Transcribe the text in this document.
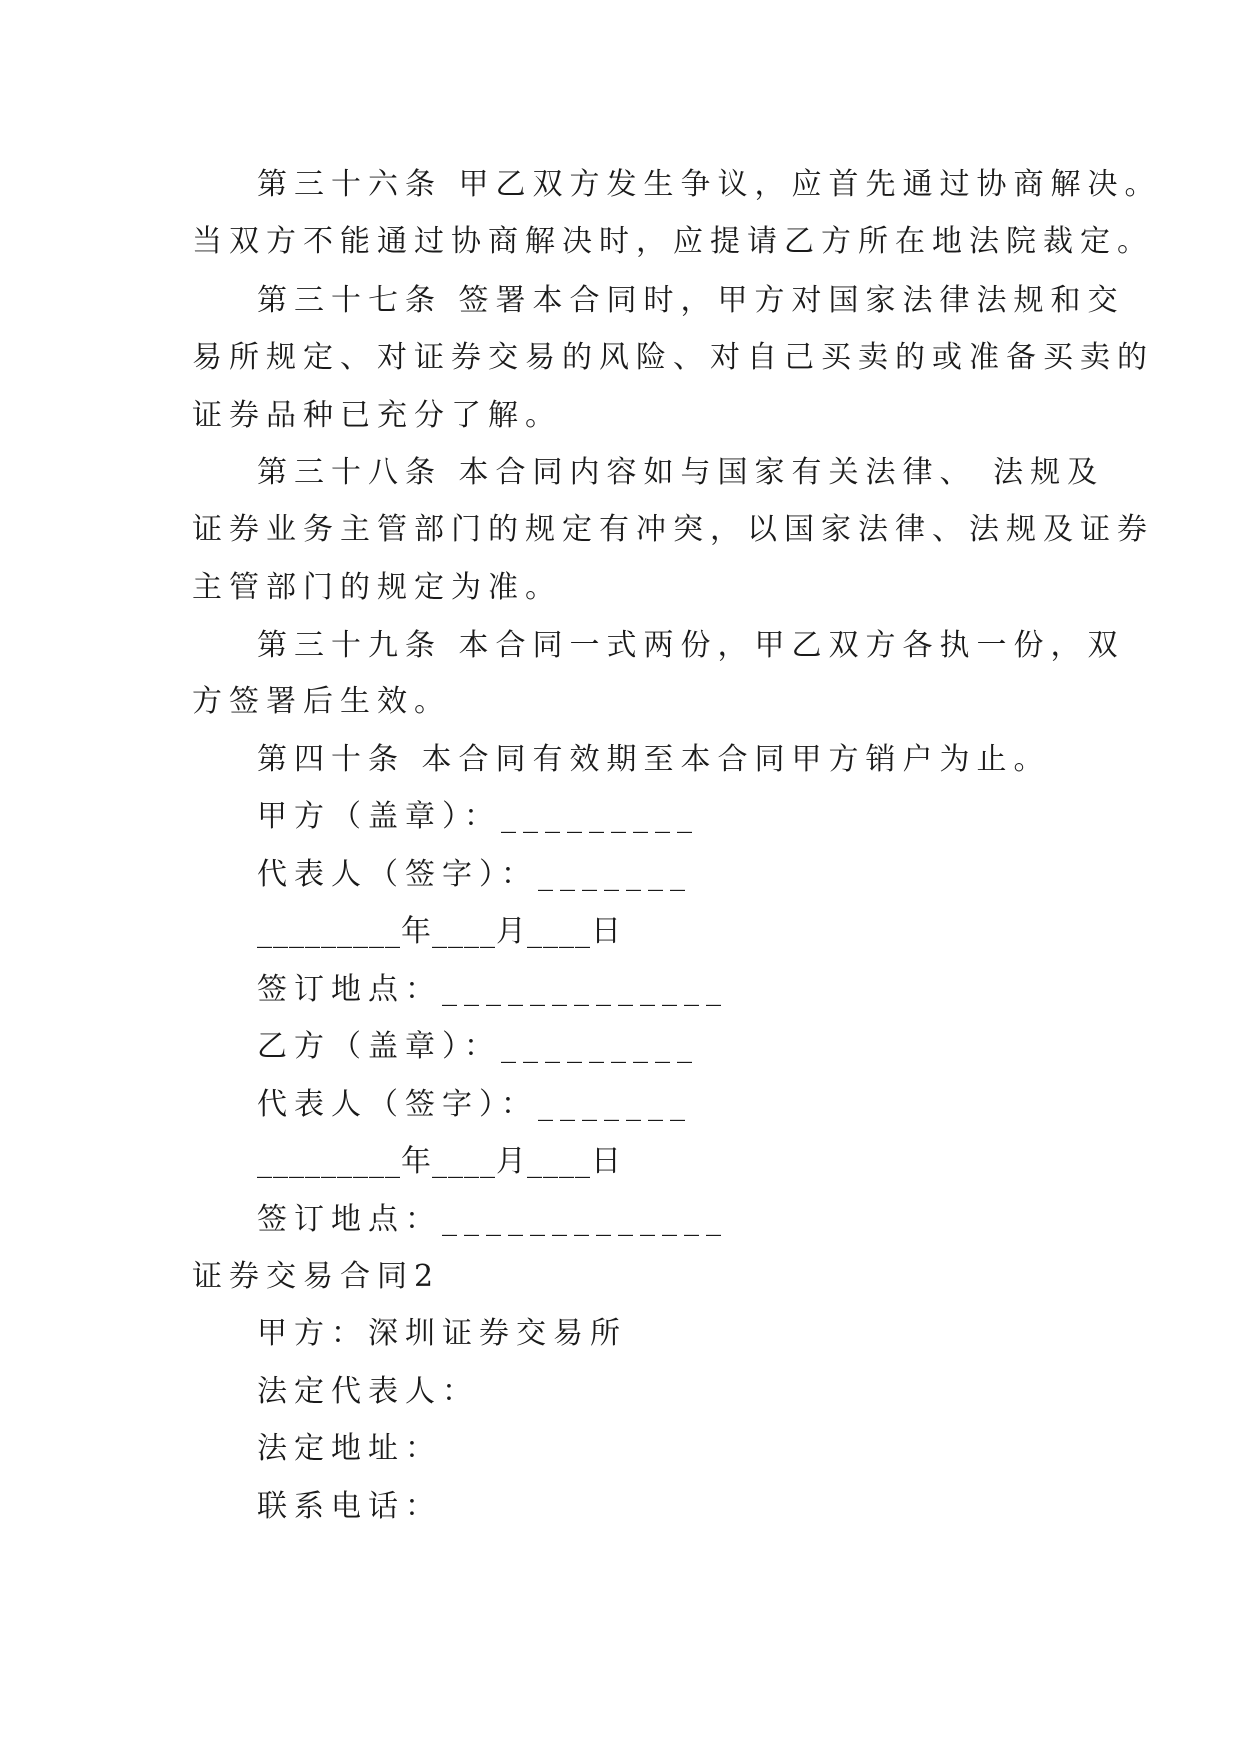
第三十六条 甲乙双方发生争议，应首先通过协商解决。
当双方不能通过协商解决时，应提请乙方所在地法院裁定。
第三十七条 签署本合同时，甲方对国家法律法规和交
易所规定、对证券交易的风险、对自己买卖的或准备买卖的
证券品种已充分了解。
第三十八条 本合同内容如与国家有关法律、 法规及
证券业务主管部门的规定有冲突，以国家法律、法规及证券
主管部门的规定为准。
第三十九条 本合同一式两份，甲乙双方各执一份，双
方签署后生效。
第四十条 本合同有效期至本合同甲方销户为止。
甲方（盖章）：_________
代表人（签字）：_______
_________年____月____日
签订地点：_____________
乙方（盖章）：_________
代表人（签字）：_______
_________年____月____日
签订地点：_____________
证券交易合同2
甲方：深圳证券交易所
法定代表人：
法定地址：
联系电话：
